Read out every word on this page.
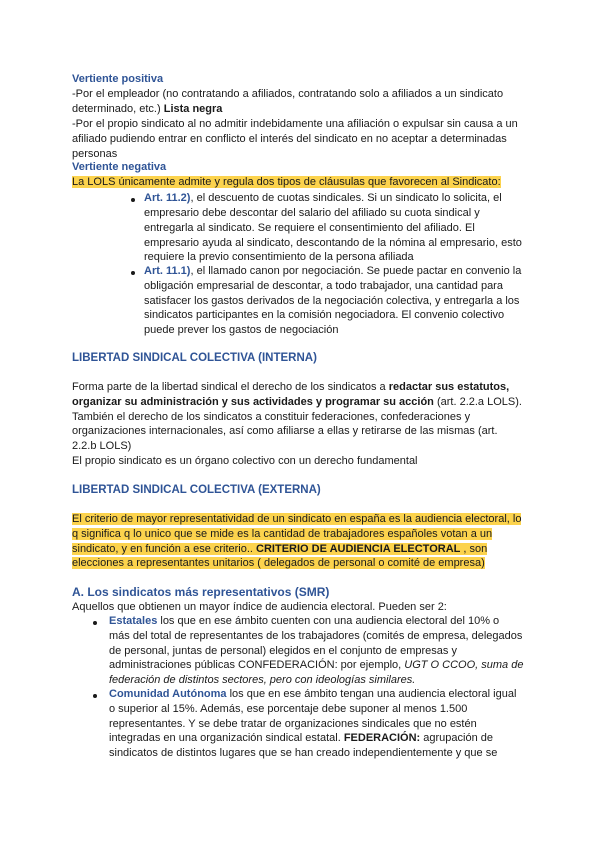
Vertiente positiva
-Por el empleador (no contratando a afiliados, contratando solo a afiliados a un sindicato
determinado, etc.) Lista negra
-Por el propio sindicato al no admitir indebidamente una afiliación o expulsar sin causa a un
afiliado pudiendo entrar en conflicto el interés del sindicato en no aceptar a determinadas
personas
Vertiente negativa
La LOLS únicamente admite y regula dos tipos de cláusulas que favorecen al Sindicato:
Art. 11.2), el descuento de cuotas sindicales. Si un sindicato lo solicita, el
empresario debe descontar del salario del afiliado su cuota sindical y
entregarla al sindicato. Se requiere el consentimiento del afiliado. El
empresario ayuda al sindicato, descontando de la nómina al empresario, esto
requiere la previo consentimiento de la persona afiliada
Art. 11.1), el llamado canon por negociación. Se puede pactar en convenio la
obligación empresarial de descontar, a todo trabajador, una cantidad para
satisfacer los gastos derivados de la negociación colectiva, y entregarla a los
sindicatos participantes en la comisión negociadora. El convenio colectivo
puede prever los gastos de negociación
LIBERTAD SINDICAL COLECTIVA (INTERNA)
Forma parte de la libertad sindical el derecho de los sindicatos a redactar sus estatutos,
organizar su administración y sus actividades y programar su acción (art. 2.2.a LOLS).
También el derecho de los sindicatos a constituir federaciones, confederaciones y
organizaciones internacionales, así como afiliarse a ellas y retirarse de las mismas (art.
2.2.b LOLS)
El propio sindicato es un órgano colectivo con un derecho fundamental
LIBERTAD SINDICAL COLECTIVA (EXTERNA)
El criterio de mayor representatividad de un sindicato en españa es la audiencia electoral, lo
q significa q lo unico que se mide es la cantidad de trabajadores españoles votan a un
sindicato, y en función a ese criterio.. CRITERIO DE AUDIENCIA ELECTORAL , son
elecciones a representantes unitarios ( delegados de personal o comité de empresa)
A. Los sindicatos más representativos (SMR)
Aquellos que obtienen un mayor índice de audiencia electoral. Pueden ser 2:
Estatales los que en ese ámbito cuenten con una audiencia electoral del 10% o
más del total de representantes de los trabajadores (comités de empresa, delegados
de personal, juntas de personal) elegidos en el conjunto de empresas y
administraciones públicas CONFEDERACIÓN: por ejemplo, UGT O CCOO, suma de
federación de distintos sectores, pero con ideologías similares.
Comunidad Autónoma los que en ese ámbito tengan una audiencia electoral igual
o superior al 15%. Además, ese porcentaje debe suponer al menos 1.500
representantes. Y se debe tratar de organizaciones sindicales que no estén
integradas en una organización sindical estatal. FEDERACIÓN: agrupación de
sindicatos de distintos lugares que se han creado independientemente y que se
